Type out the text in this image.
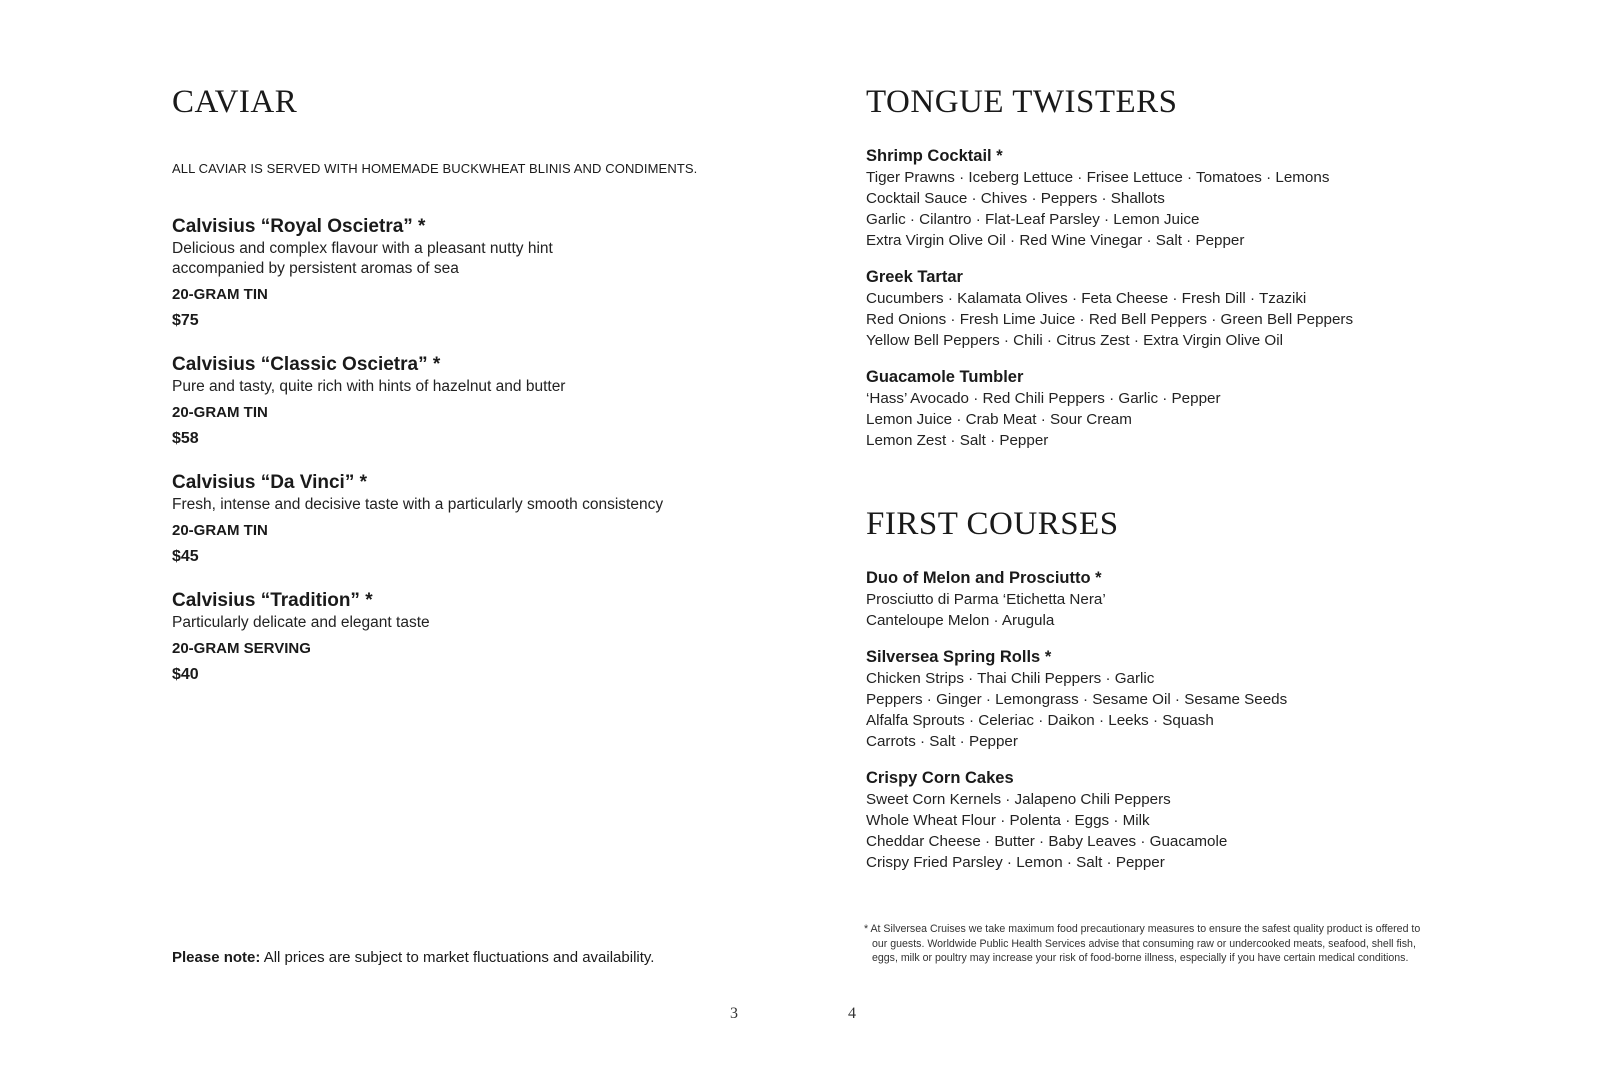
CAVIAR
ALL CAVIAR IS SERVED WITH HOMEMADE BUCKWHEAT BLINIS AND CONDIMENTS.
Calvisius “Royal Oscietra” *
Delicious and complex flavour with a pleasant nutty hint
accompanied by persistent aromas of sea
20-GRAM TIN
$75
Calvisius “Classic Oscietra” *
Pure and tasty, quite rich with hints of hazelnut and butter
20-GRAM TIN
$58
Calvisius “Da Vinci” *
Fresh, intense and decisive taste with a particularly smooth consistency
20-GRAM TIN
$45
Calvisius “Tradition” *
Particularly delicate and elegant taste
20-GRAM SERVING
$40
Please note: All prices are subject to market fluctuations and availability.
3
TONGUE TWISTERS
Shrimp Cocktail *
Tiger Prawns · Iceberg Lettuce · Frisee Lettuce · Tomatoes · Lemons
Cocktail Sauce · Chives · Peppers · Shallots
Garlic · Cilantro · Flat-Leaf Parsley · Lemon Juice
Extra Virgin Olive Oil · Red Wine Vinegar · Salt · Pepper
Greek Tartar
Cucumbers · Kalamata Olives · Feta Cheese · Fresh Dill · Tzaziki
Red Onions · Fresh Lime Juice · Red Bell Peppers · Green Bell Peppers
Yellow Bell Peppers · Chili · Citrus Zest · Extra Virgin Olive Oil
Guacamole Tumbler
‘Hass’ Avocado · Red Chili Peppers · Garlic · Pepper
Lemon Juice · Crab Meat · Sour Cream
Lemon Zest · Salt · Pepper
FIRST COURSES
Duo of Melon and Prosciutto *
Prosciutto di Parma ‘Etichetta Nera’
Canteloupe Melon · Arugula
Silversea Spring Rolls *
Chicken Strips · Thai Chili Peppers · Garlic
Peppers · Ginger · Lemongrass · Sesame Oil · Sesame Seeds
Alfalfa Sprouts · Celeriac · Daikon · Leeks · Squash
Carrots · Salt · Pepper
Crispy Corn Cakes
Sweet Corn Kernels · Jalapeno Chili Peppers
Whole Wheat Flour · Polenta · Eggs · Milk
Cheddar Cheese · Butter · Baby Leaves · Guacamole
Crispy Fried Parsley · Lemon · Salt · Pepper
* At Silversea Cruises we take maximum food precautionary measures to ensure the safest quality product is offered to our guests. Worldwide Public Health Services advise that consuming raw or undercooked meats, seafood, shell fish, eggs, milk or poultry may increase your risk of food-borne illness, especially if you have certain medical conditions.
4
